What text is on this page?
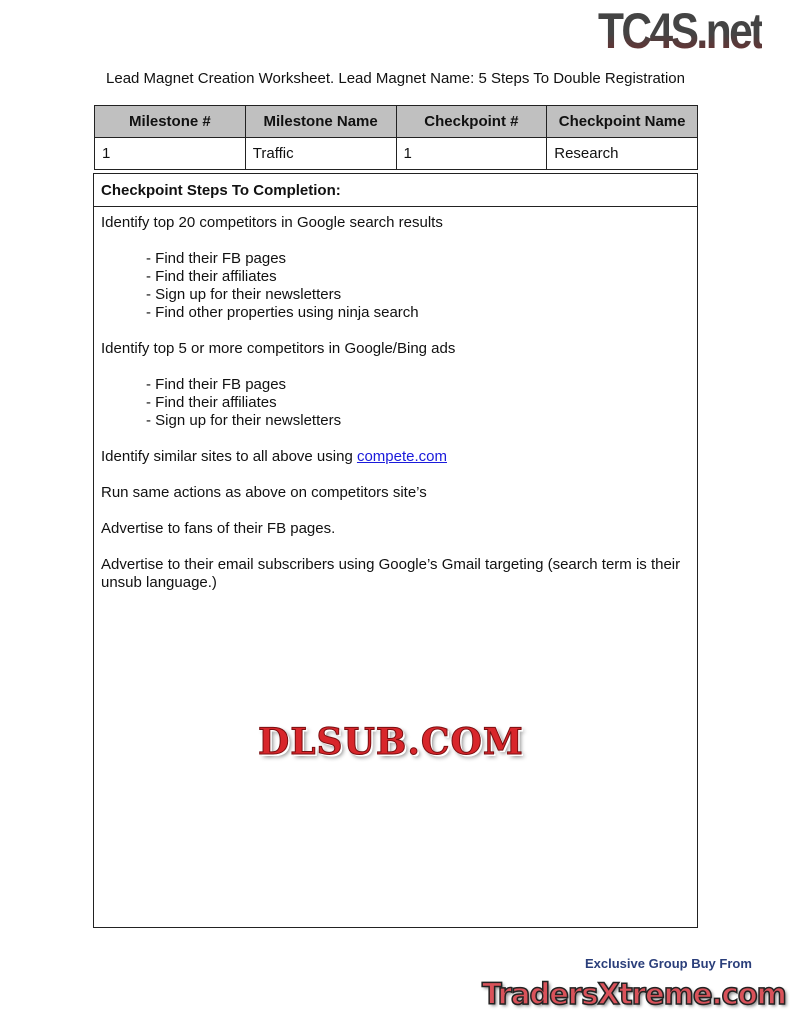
TC4S.net
Lead Magnet Creation Worksheet. Lead Magnet Name: 5 Steps To Double Registration
Milestone #	Milestone Name	Checkpoint #	Checkpoint Name
1	Traffic	1	Research
Checkpoint Steps To Completion:

Identify top 20 competitors in Google search results

- Find their FB pages
- Find their affiliates
- Sign up for their newsletters
- Find other properties using ninja search

Identify top 5 or more competitors in Google/Bing ads

- Find their FB pages
- Find their affiliates
- Sign up for their newsletters

Identify similar sites to all above using compete.com

Run same actions as above on competitors site’s

Advertise to fans of their FB pages.

Advertise to their email subscribers using Google’s Gmail targeting (search term is their unsub language.)

DLSUB.COM
Exclusive Group Buy From
TradersXtreme.com
